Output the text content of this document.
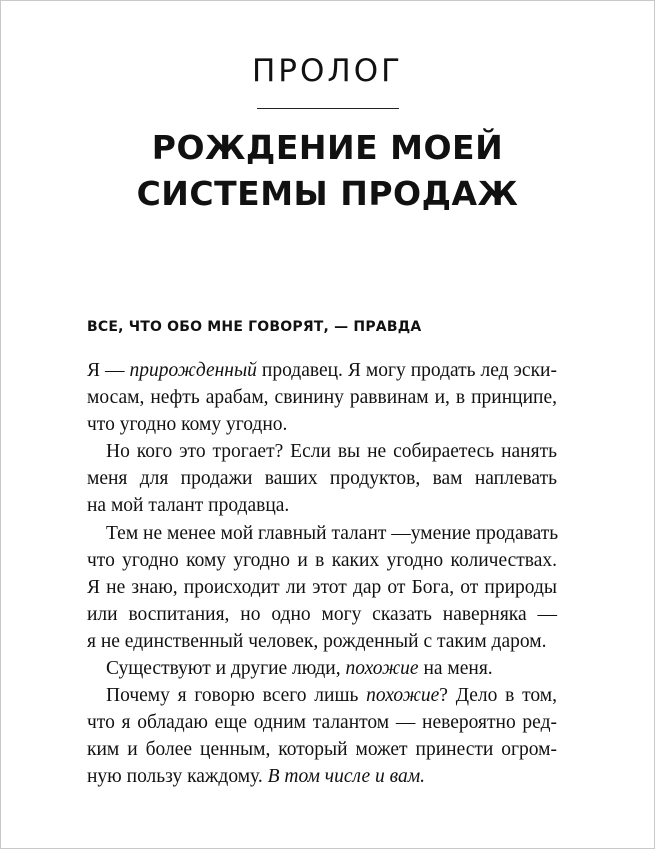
ПРОЛОГ
РОЖДЕНИЕ МОЕЙ
СИСТЕМЫ ПРОДАЖ
ВСЕ, ЧТО ОБО МНЕ ГОВОРЯТ, — ПРАВДА
Я — прирожденный продавец. Я могу продать лед эски-
мосам, нефть арабам, свинину раввинам и, в принципе,
что угодно кому угодно.
Но кого это трогает? Если вы не собираетесь нанять
меня для продажи ваших продуктов, вам наплевать
на мой талант продавца.
Тем не менее мой главный талант —умение продавать
что угодно кому угодно и в каких угодно количествах.
Я не знаю, происходит ли этот дар от Бога, от природы
или воспитания, но одно могу сказать наверняка —
я не единственный человек, рожденный с таким даром.
Существуют и другие люди, похожие на меня.
Почему я говорю всего лишь похожие? Дело в том,
что я обладаю еще одним талантом — невероятно ред-
ким и более ценным, который может принести огром-
ную пользу каждому. В том числе и вам.
